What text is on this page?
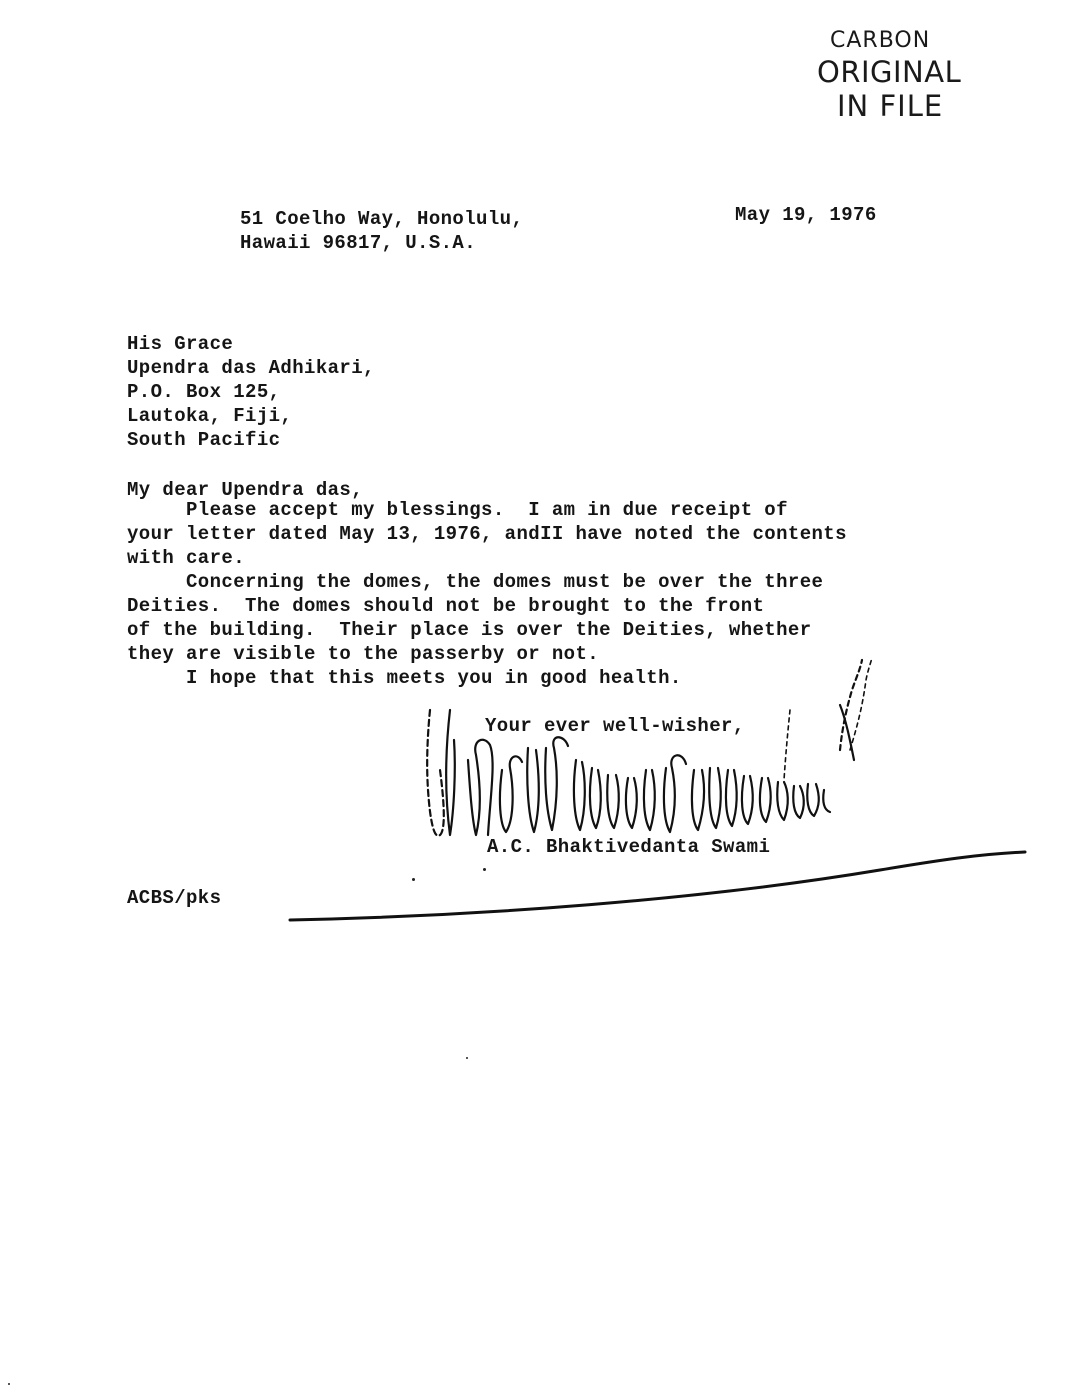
CARBON
ORIGINAL
IN FILE
51 Coelho Way, Honolulu,
Hawaii 96817, U.S.A.
May 19, 1976
His Grace
Upendra das Adhikari,
P.O. Box 125,
Lautoka, Fiji,
South Pacific
My dear Upendra das,
Please accept my blessings.  I am in due receipt of
your letter dated May 13, 1976, andII have noted the contents
with care.
Concerning the domes, the domes must be over the three
Deities.  The domes should not be brought to the front
of the building.  Their place is over the Deities, whether
they are visible to the passerby or not.
I hope that this meets you in good health.
Your ever well-wisher,
A.C. Bhaktivedanta Swami
ACBS/pks
